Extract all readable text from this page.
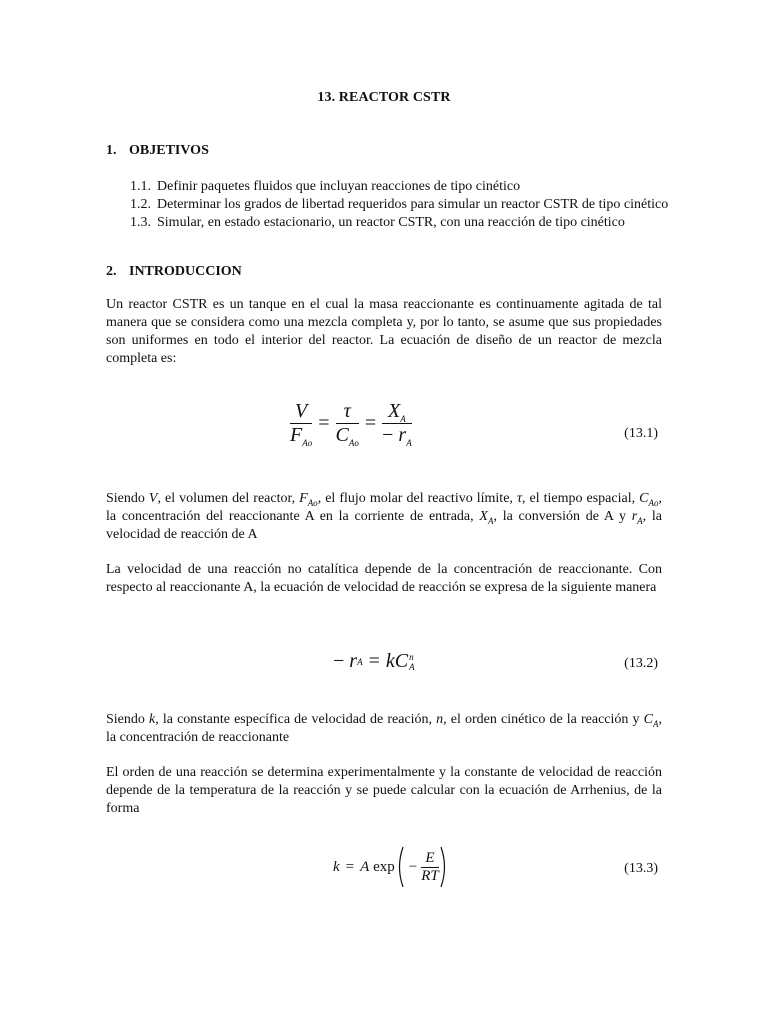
13. REACTOR CSTR
1. OBJETIVOS
1.1. Definir paquetes fluidos que incluyan reacciones de tipo cinético
1.2. Determinar los grados de libertad requeridos para simular un reactor CSTR de tipo cinético
1.3. Simular, en estado estacionario, un reactor CSTR, con una reacción de tipo cinético
2. INTRODUCCION
Un reactor CSTR es un tanque en el cual la masa reaccionante es continuamente agitada de tal manera que se considera como una mezcla completa y, por lo tanto, se asume que sus propiedades son uniformes en todo el interior del reactor. La ecuación de diseño de un reactor de mezcla completa es:
$\frac{V}{F_{Ao}} = \frac{\tau}{C_{Ao}} = \frac{X_A}{- r_A}$	(13.1)
Siendo V, el volumen del reactor, $F_{Ao}$, el flujo molar del reactivo límite, τ, el tiempo espacial, $C_{Ao}$, la concentración del reaccionante A en la corriente de entrada, $X_A$, la conversión de A y $r_A$, la velocidad de reacción de A
La velocidad de una reacción no catalítica depende de la concentración de reaccionante. Con respecto al reaccionante A, la ecuación de velocidad de reacción se expresa de la siguiente manera
−
r A = k C n
A	(13.2)
Siendo k, la constante específica de velocidad de reación, n, el orden cinético de la reacción y $C_A$, la concentración de reaccionante
El orden de una reacción se determina experimentalmente y la constante de velocidad de reacción depende de la temperatura de la reacción y se puede calcular con la ecuación de Arrhenius, de la forma
k = A
$\exp - \frac{E}{RT}$	(13.3)
